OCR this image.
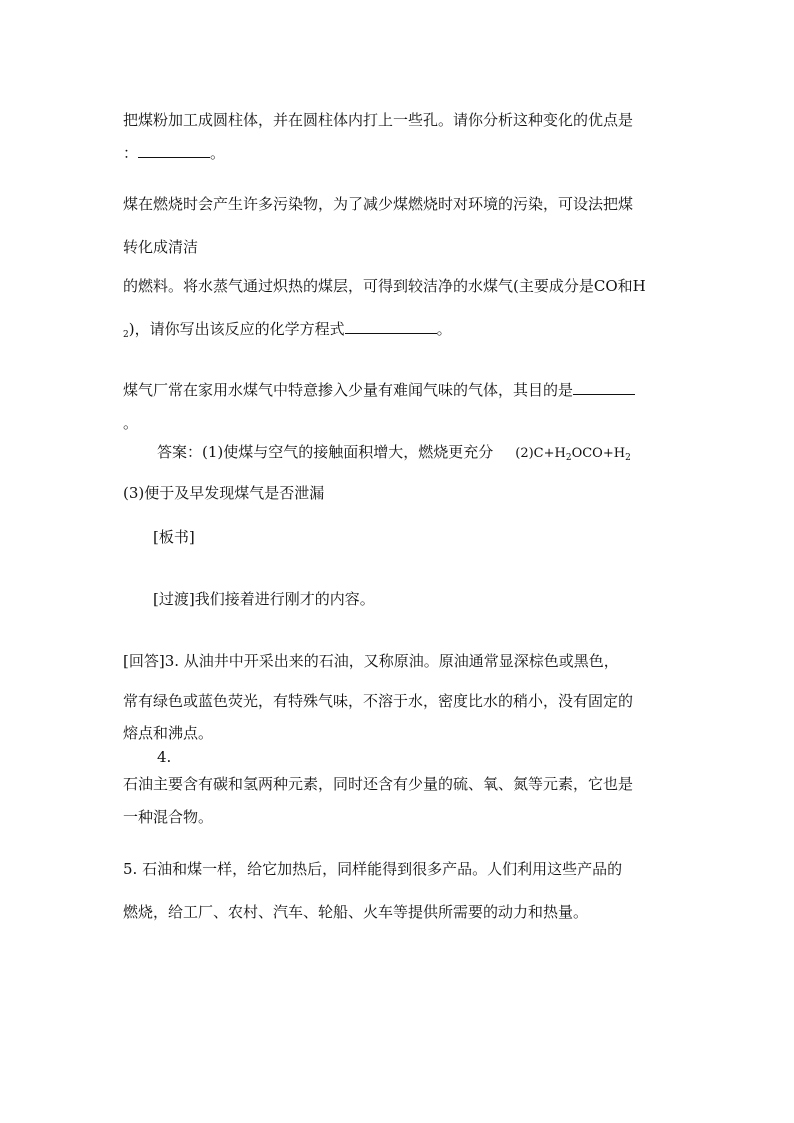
把煤粉加工成圆柱体，并在圆柱体内打上一些孔。请你分析这种变化的优点是
：	。
煤在燃烧时会产生许多污染物，为了减少煤燃烧时对环境的污染，可设法把煤
转化成清洁
的燃料。将水蒸气通过炽热的煤层，可得到较洁净的水煤气(主要成分是CO和H
$_2$)，请你写出该反应的化学方程式	。
煤气厂常在家用水煤气中特意掺入少量有难闻气味的气体，其目的是
。
答案：(1)使煤与空气的接触面积增大，燃烧更充分 $(2)C+H_2OCO+H_2$
(3)便于及早发现煤气是否泄漏
[板书]
[过渡]我们接着进行刚才的内容。
[回答]3. 从油井中开采出来的石油，又称原油。原油通常显深棕色或黑色，
常有绿色或蓝色荧光，有特殊气味，不溶于水，密度比水的稍小，没有固定的
熔点和沸点。
4.
石油主要含有碳和氢两种元素，同时还含有少量的硫、氧、氮等元素，它也是
一种混合物。
5. 石油和煤一样，给它加热后，同样能得到很多产品。人们利用这些产品的
燃烧，给工厂、农村、汽车、轮船、火车等提供所需要的动力和热量。
